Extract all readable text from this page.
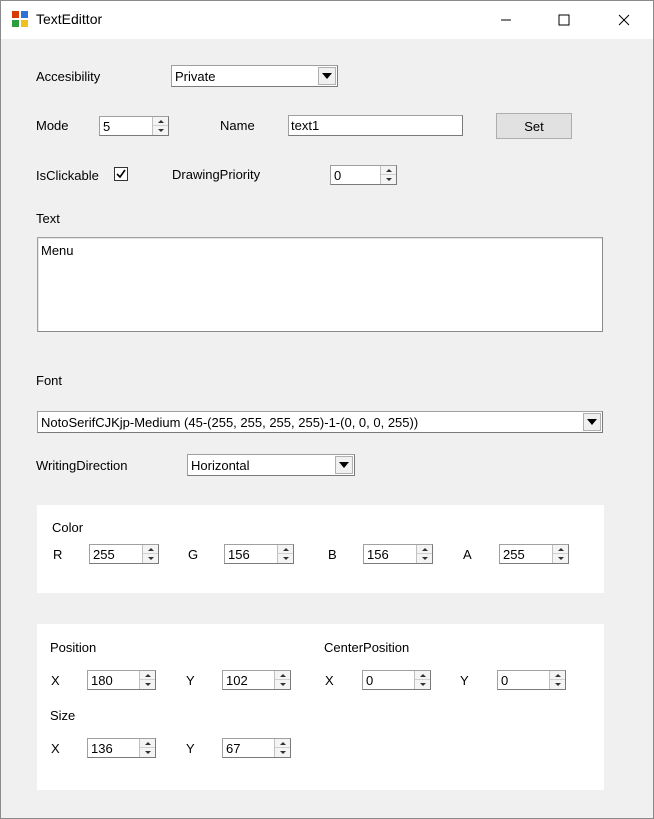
TextEdittor
Accesibility	Private
Mode	5	Name	text1	Set
IsClickable	DrawingPriority	0
Text
Menu
Font
NotoSerifCJKjp-Medium (45-(255, 255, 255, 255)-1-(0, 0, 0, 255))
WritingDirection	Horizontal
Color
R 255	G 156	B 156	A 255
Position	CenterPosition
X 180	Y 102	X 0	Y 0
Size
X 136	Y 67
